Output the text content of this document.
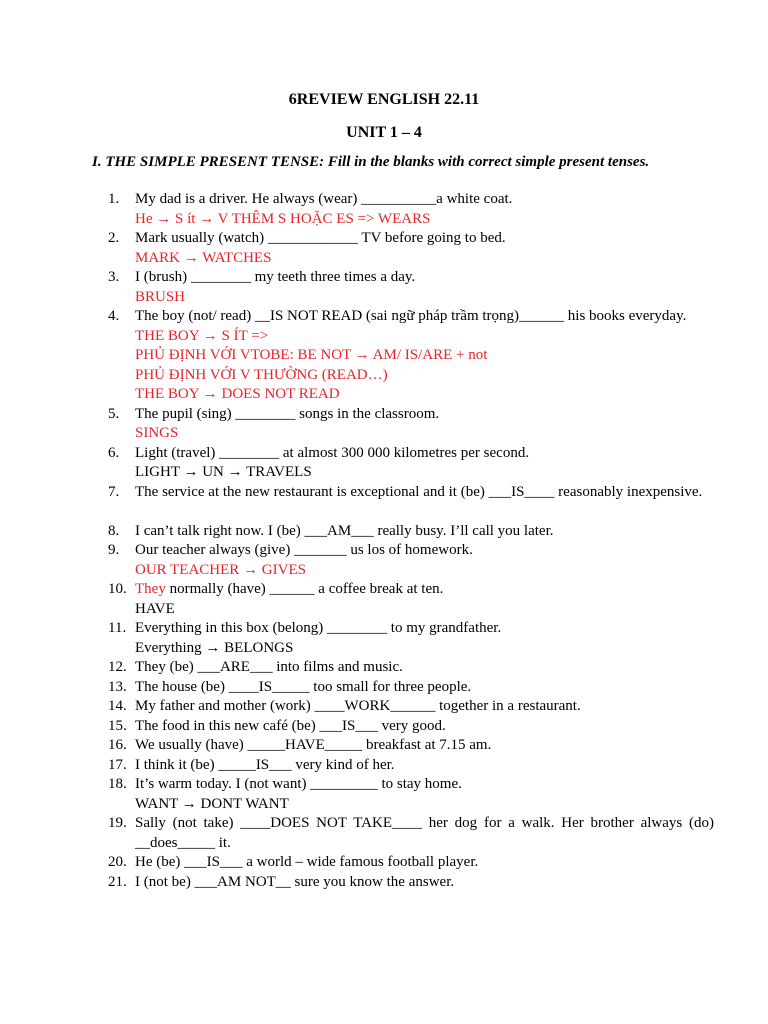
6REVIEW ENGLISH 22.11
UNIT 1 – 4

I. THE SIMPLE PRESENT TENSE: Fill in the blanks with correct simple present tenses.

1.	My dad is a driver. He always (wear) __________a white coat.
He → S ít → V THÊM S HOẶC ES => WEARS
2.	Mark usually (watch) ____________ TV before going to bed.
MARK → WATCHES
3.	I (brush) ________ my teeth three times a day.
BRUSH
4.	The boy (not/ read) __IS NOT READ (sai ngữ pháp trầm trọng)______ his books everyday.
THE BOY → S ÍT =>
PHỦ ĐỊNH VỚI VTOBE: BE NOT → AM/ IS/ARE + not
PHỦ ĐỊNH VỚI V THƯỜNG (READ…)
THE BOY → DOES NOT READ
5.	The pupil (sing) ________ songs in the classroom.
SINGS
6.	Light (travel) ________ at almost 300 000 kilometres per second.
LIGHT → UN → TRAVELS
7.	The service at the new restaurant is exceptional and it (be) ___IS____ reasonably inexpensive.
8.	I can’t talk right now. I (be) ___AM___ really busy. I’ll call you later.
9.	Our teacher always (give) _______ us los of homework.
OUR TEACHER → GIVES
10. They normally (have) ______ a coffee break at ten.
HAVE
11. Everything in this box (belong) ________ to my grandfather.
Everything → BELONGS
12. They (be) ___ARE___ into films and music.
13. The house (be) ____IS_____ too small for three people.
14. My father and mother (work) ____WORK______ together in a restaurant.
15. The food in this new café (be) ___IS___ very good.
16. We usually (have) _____HAVE_____ breakfast at 7.15 am.
17. I think it (be) _____IS___ very kind of her.
18. It’s warm today. I (not want) _________ to stay home.
WANT → DONT WANT
19. Sally (not take) ____DOES NOT TAKE____ her dog for a walk. Her brother always (do) __does_____ it.
20. He (be) ___IS___ a world – wide famous football player.
21. I (not be) ___AM NOT__ sure you know the answer.
